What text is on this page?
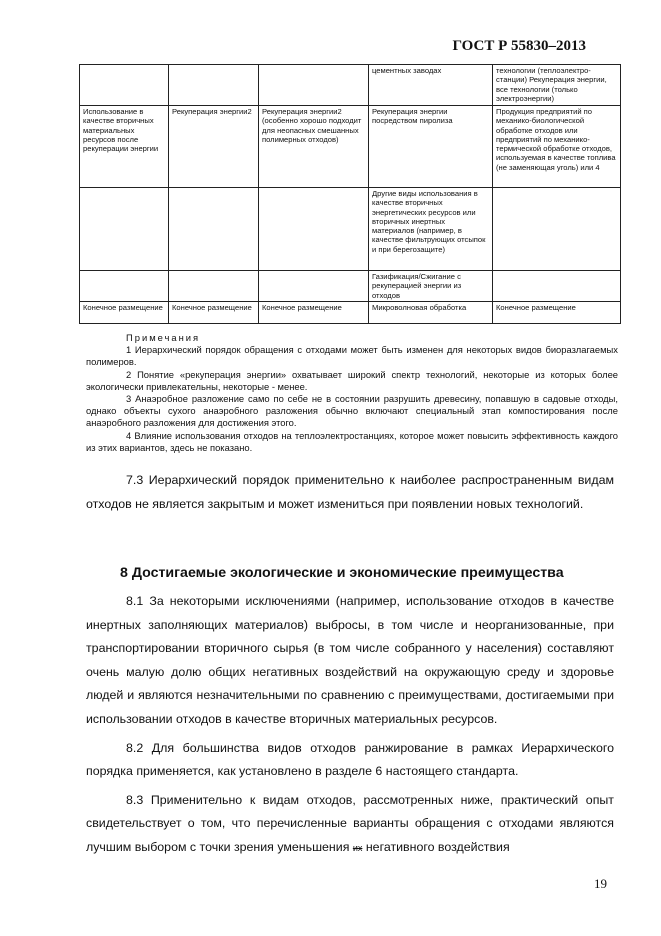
ГОСТ Р 55830–2013
			цементных заводах	технологии (теплоэлектро-станции) Рекуперация энергии, все технологии (только электроэнергии)
Использование в качестве вторичных материальных ресурсов после рекуперации энергии	Рекуперация энергии2	Рекуперация энергии2 (особенно хорошо подходит для неопасных смешанных полимерных отходов)	Рекуперация энергии посредством пиролиза	Продукция предприятий по механико-биологической обработке отходов или предприятий по механико-термической обработке отходов, используемая в качестве топлива (не заменяющая уголь) или 4
			Другие виды использования в качестве вторичных энергетических ресурсов или вторичных инертных материалов (например, в качестве фильтрующих отсыпок и при берегозащите)	
			Газификация/Сжигание с рекуперацией энергии из отходов	
Конечное размещение	Конечное размещение	Конечное размещение	Микроволновая обработка	Конечное размещение
Примечания

1 Иерархический порядок обращения с отходами может быть изменен для некоторых видов биоразлагаемых полимеров.

2 Понятие «рекуперация энергии» охватывает широкий спектр технологий, некоторые из которых более экологически привлекательны, некоторые - менее.

3 Анаэробное разложение само по себе не в состоянии разрушить древесину, попавшую в садовые отходы, однако объекты сухого анаэробного разложения обычно включают специальный этап компостирования после анаэробного разложения для достижения этого.

4 Влияние использования отходов на теплоэлектростанциях, которое может повысить эффективность каждого из этих вариантов, здесь не показано.

7.3 Иерархический порядок применительно к наиболее распространенным видам отходов не является закрытым и может измениться при появлении новых технологий.

8 Достигаемые экологические и экономические преимущества

8.1 За некоторыми исключениями (например, использование отходов в качестве инертных заполняющих материалов) выбросы, в том числе и неорганизованные, при транспортировании вторичного сырья (в том числе собранного у населения) составляют очень малую долю общих негативных воздействий на окружающую среду и здоровье людей и являются незначительными по сравнению с преимуществами, достигаемыми при использовании отходов в качестве вторичных материальных ресурсов.

8.2 Для большинства видов отходов ранжирование в рамках Иерархического порядка применяется, как установлено в разделе 6 настоящего стандарта.

8.3 Применительно к видам отходов, рассмотренных ниже, практический опыт свидетельствует о том, что перечисленные варианты обращения с отходами являются лучшим выбором с точки зрения уменьшения их негативного воздействия

19
